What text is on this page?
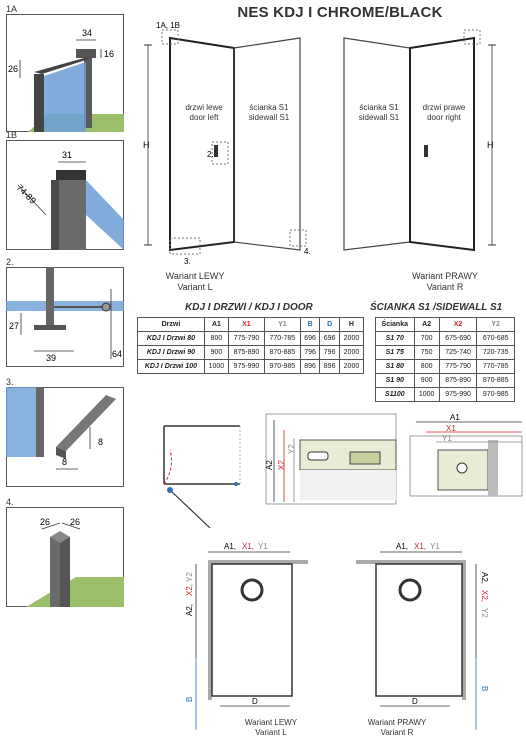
NES KDJ I CHROME/BLACK
1A
34
16
26
1B
31
74-89
2.
27
39	64
3.
8
8
4.
26 26
H
1A, 1B
3.
2.
4.
H
drzwi lewe
door left
ścianka S1
sidewall S1
ścianka S1
sidewall S1
drzwi prawe
door right
Wariant LEWY
Variant L
Wariant PRAWY
Variant R
KDJ I DRZWI / KDJ I DOOR
Drzwi	A1	X1	Y1	B	D	H
KDJ I Drzwi 80	800	775-790	770-785	696	696	2000
KDJ I Drzwi 90	900	875-890	870-885	796	796	2000
KDJ I Drzwi 100	1000	975-990	970-985	896	896	2000
ŚCIANKA S1 /SIDEWALL S1
Ścianka	A2	X2	Y2
S1 70	700	675-690	670-685
S1 75	750	725-740	720-735
S1 80	800	775-790	770-785
S1 90	900	875-890	870-885
S1100	1000	975-990	970-985
A2 X2
Y2
A1
X1
Y1
A1, X1, Y1
A2,
X2,
Y2
B	D
A1, X1, Y1
A2,
X2,
Y2
B
D
Wariant LEWY
Variant L
Wariant PRAWY
Variant R
